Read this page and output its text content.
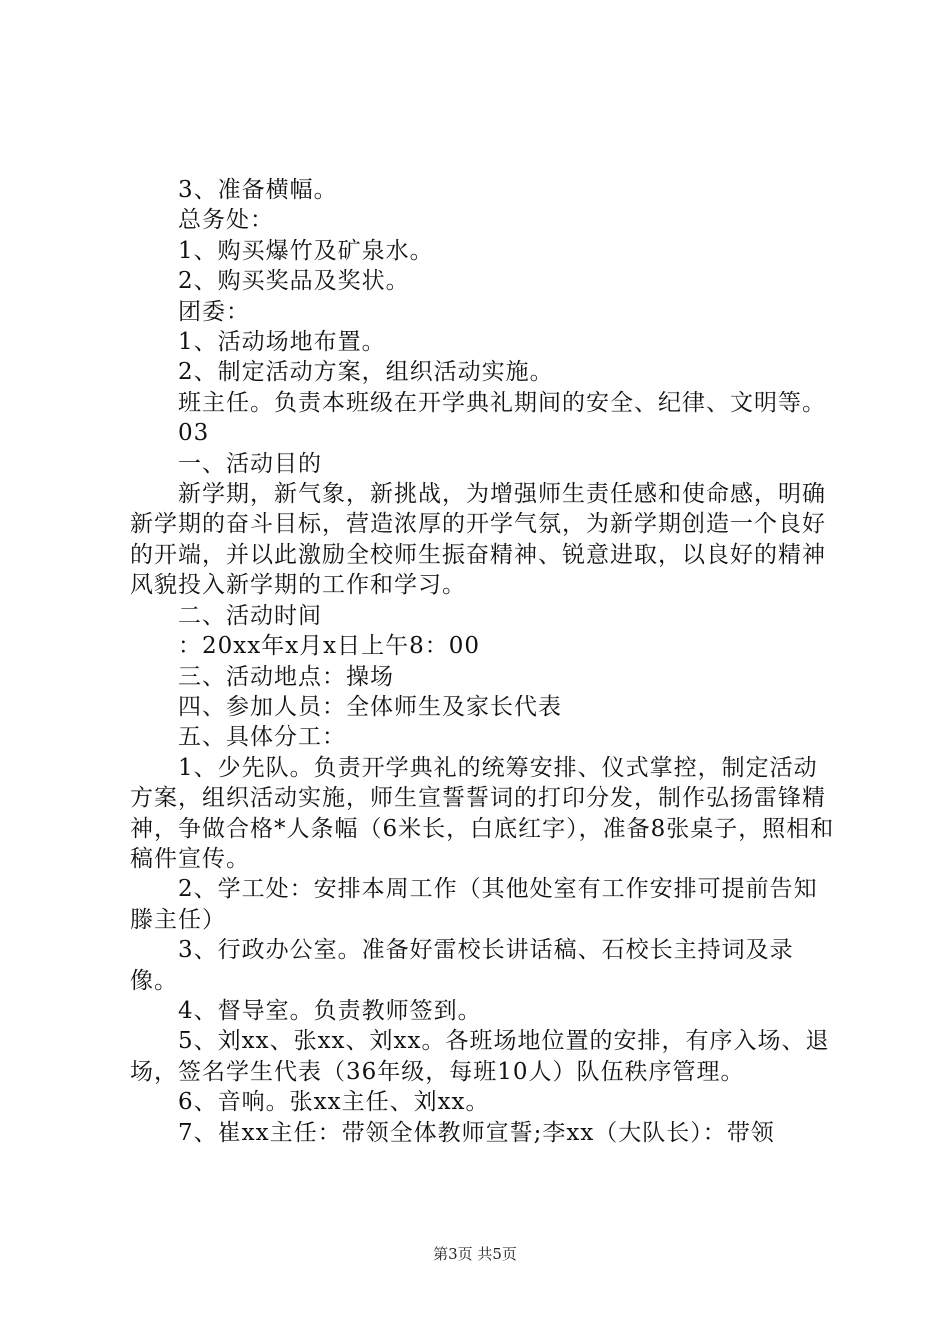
3、准备横幅。

总务处：

1、购买爆竹及矿泉水。

2、购买奖品及奖状。

团委：

1、活动场地布置。

2、制定活动方案，组织活动实施。

班主任。负责本班级在开学典礼期间的安全、纪律、文明等。

03

一、活动目的

新学期，新气象，新挑战，为增强师生责任感和使命感，明确新学期的奋斗目标，营造浓厚的开学气氛，为新学期创造一个良好的开端，并以此激励全校师生振奋精神、锐意进取，以良好的精神风貌投入新学期的工作和学习。

二、活动时间

：20xx年x月x日上午8：00

三、活动地点：操场

四、参加人员：全体师生及家长代表

五、具体分工：

1、少先队。负责开学典礼的统筹安排、仪式掌控，制定活动方案，组织活动实施，师生宣誓誓词的打印分发，制作弘扬雷锋精神，争做合格*人条幅（6米长，白底红字），准备8张桌子，照相和稿件宣传。

2、学工处：安排本周工作（其他处室有工作安排可提前告知滕主任）

3、行政办公室。准备好雷校长讲话稿、石校长主持词及录像。

4、督导室。负责教师签到。

5、刘xx、张xx、刘xx。各班场地位置的安排，有序入场、退场，签名学生代表（36年级，每班10人）队伍秩序管理。

6、音响。张xx主任、刘xx。

7、崔xx主任：带领全体教师宣誓;李xx（大队长）：带领

第3页 共5页
